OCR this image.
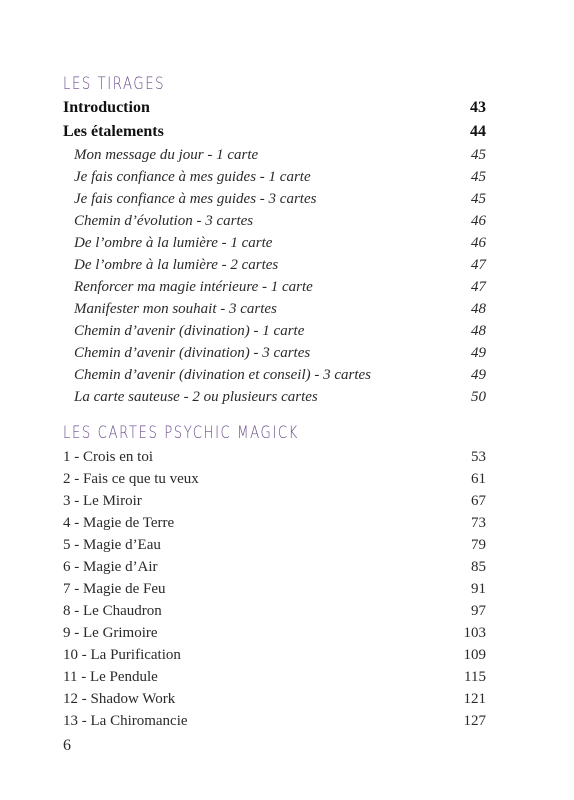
LES TIRAGES
Introduction	43
Les étalements	44
Mon message du jour - 1 carte	45
Je fais confiance à mes guides - 1 carte	45
Je fais confiance à mes guides - 3 cartes	45
Chemin d’évolution - 3 cartes	46
De l’ombre à la lumière - 1 carte	46
De l’ombre à la lumière - 2 cartes	47
Renforcer ma magie intérieure - 1 carte	47
Manifester mon souhait - 3 cartes	48
Chemin d’avenir (divination) - 1 carte	48
Chemin d’avenir (divination) - 3 cartes	49
Chemin d’avenir (divination et conseil) - 3 cartes	49
La carte sauteuse - 2 ou plusieurs cartes	50
LES CARTES PSYCHIC MAGICK
1 - Crois en toi	53
2 - Fais ce que tu veux	61
3 - Le Miroir	67
4 - Magie de Terre	73
5 - Magie d’Eau	79
6 - Magie d’Air	85
7 - Magie de Feu	91
8 - Le Chaudron	97
9 - Le Grimoire	103
10 - La Purification	109
11 - Le Pendule	115
12 - Shadow Work	121
13 - La Chiromancie	127
6
